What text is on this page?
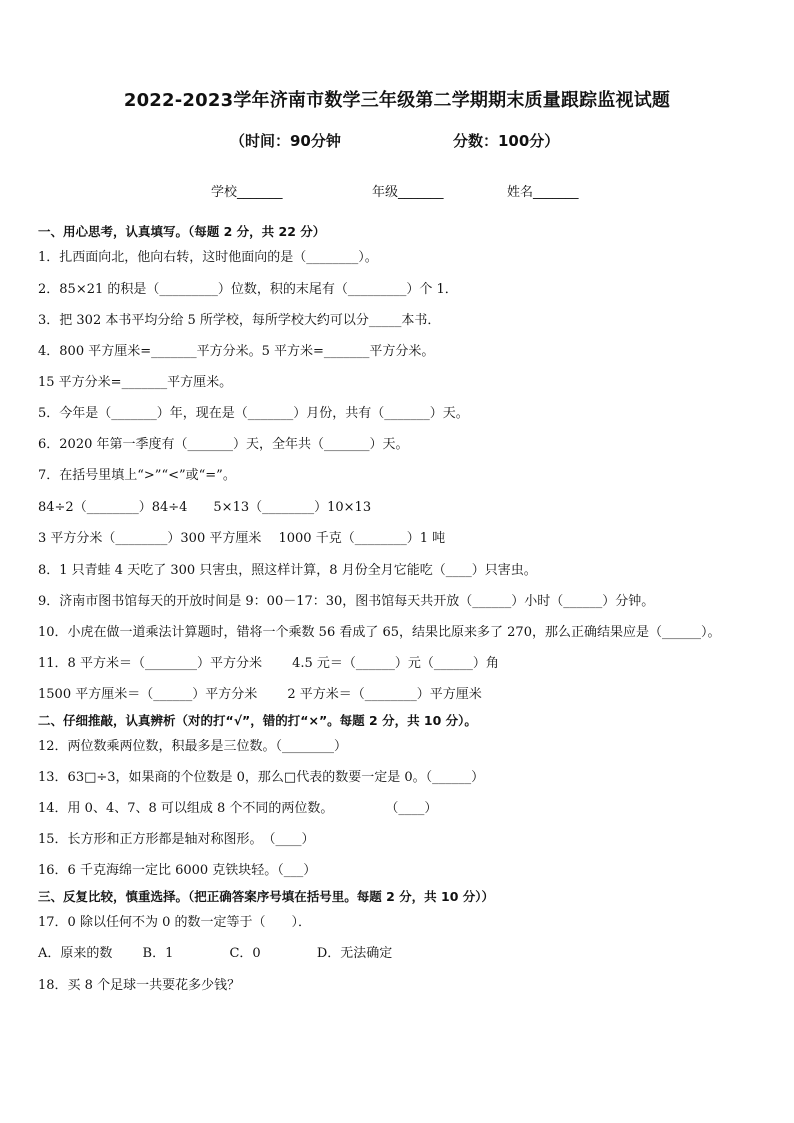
2022-2023学年济南市数学三年级第二学期期末质量跟踪监视试题
（时间：90分钟	分数：100分）
学校_______	年级_______	姓名_______
一、用心思考，认真填写。（每题 2 分，共 22 分）
1．扎西面向北，他向右转，这时他面向的是（________）。
2．85×21 的积是（_________）位数，积的末尾有（_________）个 1．
3．把 302 本书平均分给 5 所学校，每所学校大约可以分_____本书．
4．800 平方厘米=_______平方分米。5 平方米=_______平方分米。
15 平方分米=_______平方厘米。
5．今年是（_______）年，现在是（_______）月份，共有（_______）天。
6．2020 年第一季度有（_______）天，全年共（_______）天。
7．在括号里填上“>”“<”或“=”。
84÷2（________）84÷4　　5×13（________）10×13
3 平方分米（________）300 平方厘米　 1000 千克（________）1 吨
8．1 只青蛙 4 天吃了 300 只害虫，照这样计算，8 月份全月它能吃（____）只害虫。
9．济南市图书馆每天的开放时间是 9：00－17：30，图书馆每天共开放（______）小时（______）分钟。
10．小虎在做一道乘法计算题时，错将一个乘数 56 看成了 65，结果比原来多了 270，那么正确结果应是（______）。
11．8 平方米＝（________）平方分米　　 4.5 元＝（______）元（______）角
1500 平方厘米＝（______）平方分米　　 2 平方米＝（________）平方厘米
二、仔细推敲，认真辨析（对的打“√”，错的打“×”。每题 2 分，共 10 分）。
12．两位数乘两位数，积最多是三位数。（________）
13．63□÷3，如果商的个位数是 0，那么□代表的数要一定是 0。（______）
14．用 0、4、7、8 可以组成 8 个不同的两位数。　　　　　（____）
15．长方形和正方形都是轴对称图形。　（____）
16．6 千克海绵一定比 6000 克铁块轻。（___）
三、反复比较，慎重选择。（把正确答案序号填在括号里。每题 2 分，共 10 分））
17．0 除以任何不为 0 的数一定等于（　　）．
A．原来的数　　 B．1　　　　 C．0　　　　 D．无法确定
18．买 8 个足球一共要花多少钱？
